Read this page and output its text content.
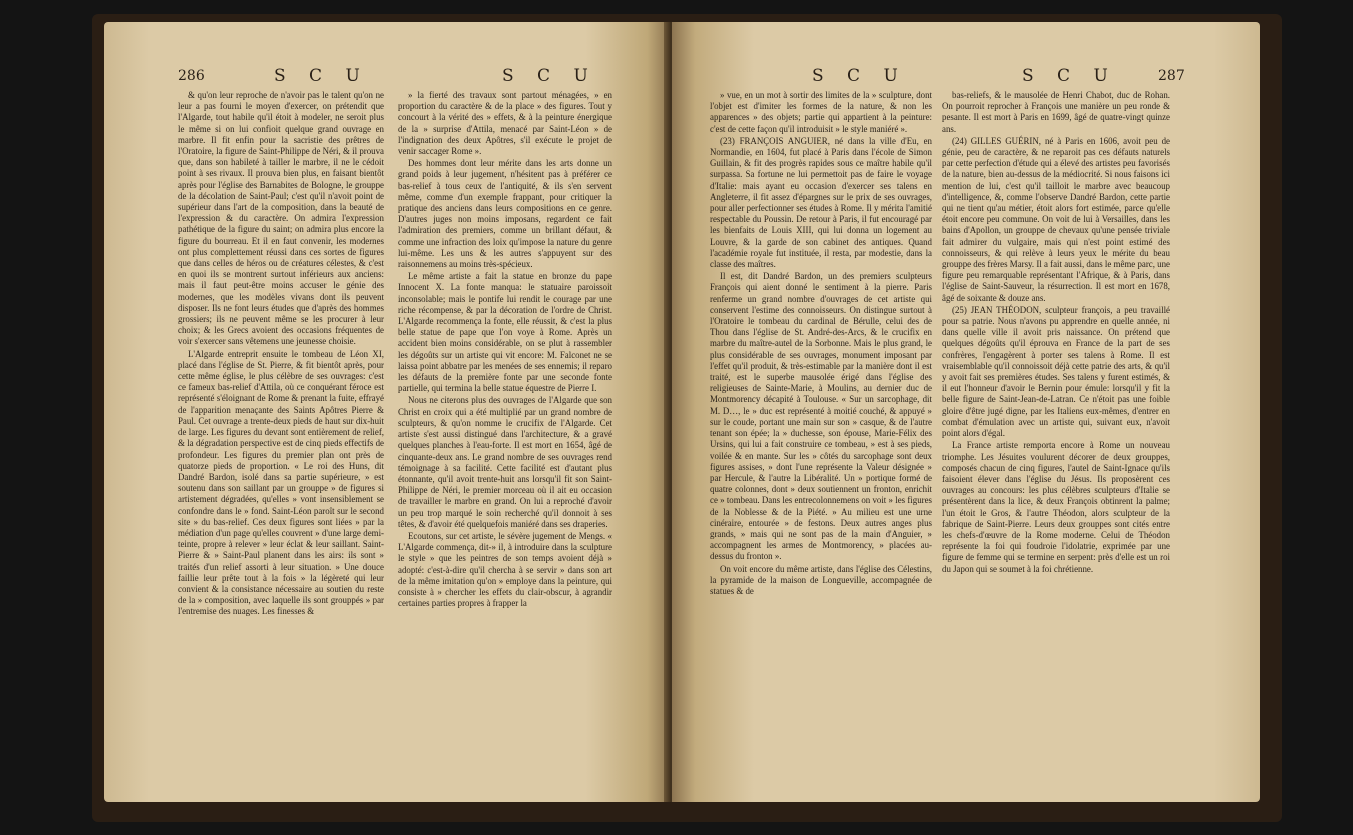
286	S C U	S C U

& qu'on leur reproche de n'avoir pas le talent qu'on ne leur a pas fourni le moyen d'exercer, on prétendit que l'Algarde, tout habile qu'il étoit à modeler, ne seroit plus le même si on lui confioit quelque grand ouvrage en marbre. Il fit enfin pour la sacristie des prêtres de l'Oratoire, la figure de Saint-Philippe de Néri, & il prouva que, dans son habileté à tailler le marbre, il ne le cédoit point à ses rivaux. Il prouva bien plus, en faisant bientôt après pour l'église des Barnabites de Bologne, le grouppe de la décolation de Saint-Paul; c'est qu'il n'avoit point de supérieur dans l'art de la composition, dans la beauté de l'expression & du caractère. On admira l'expression pathétique de la figure du saint; on admira plus encore la figure du bourreau. Et il en faut convenir, les modernes ont plus complettement réussi dans ces sortes de figures que dans celles de héros ou de créatures célestes, & c'est en quoi ils se montrent surtout inférieurs aux anciens: mais il faut peut-être moins accuser le génie des modernes, que les modèles vivans dont ils peuvent disposer. Ils ne font leurs études que d'après des hommes grossiers; ils ne peuvent même se les procurer à leur choix; & les Grecs avoient des occasions fréquentes de voir s'exercer sans vêtemens une jeunesse choisie.

L'Algarde entreprit ensuite le tombeau de Léon XI, placé dans l'église de St. Pierre, & fit bientôt après, pour cette même église, le plus célèbre de ses ouvrages: c'est ce fameux bas-relief d'Attila, où ce conquérant féroce est représenté s'éloignant de Rome & prenant la fuite, effrayé de l'apparition menaçante des Saints Apôtres Pierre & Paul. Cet ouvrage a trente-deux pieds de haut sur dix-huit de large. Les figures du devant sont entièrement de relief, & la dégradation perspective est de cinq pieds effectifs de profondeur. Les figures du premier plan ont près de quatorze pieds de proportion. « Le roi des Huns, dit Dandré Bardon, isolé dans sa partie supérieure, » est soutenu dans son saillant par un grouppe » de figures si artistement dégradées, qu'elles » vont insensiblement se confondre dans le » fond. Saint-Léon paroît sur le second site » du bas-relief. Ces deux figures sont liées » par la médiation d'un page qu'elles couvrent » d'une large demi-teinte, propre à relever » leur éclat & leur saillant. Saint-Pierre & » Saint-Paul planent dans les airs: ils sont » traités d'un relief assorti à leur situation. » Une douce faillie leur prête tout à la fois » la légèreté qui leur convient & la consistance nécessaire au soutien du reste de la » composition, avec laquelle ils sont grouppés » par l'entremise des nuages. Les finesses &

» la fierté des travaux sont partout ménagées, » en proportion du caractère & de la place » des figures. Tout y concourt à la vérité des » effets, & à la peinture énergique de la » surprise d'Attila, menacé par Saint-Léon » de l'indignation des deux Apôtres, s'il exécute le projet de venir saccager Rome ».

Des hommes dont leur mérite dans les arts donne un grand poids à leur jugement, n'hésitent pas à préférer ce bas-relief à tous ceux de l'antiquité, & ils s'en servent même, comme d'un exemple frappant, pour critiquer la pratique des anciens dans leurs compositions en ce genre. D'autres juges non moins imposans, regardent ce fait l'admiration des premiers, comme un brillant défaut, & comme une infraction des loix qu'impose la nature du genre lui-même. Les uns & les autres s'appuyent sur des raisonnemens au moins très-spécieux.

Le même artiste a fait la statue en bronze du pape Innocent X. La fonte manqua: le statuaire paroissoit inconsolable; mais le pontife lui rendit le courage par une riche récompense, & par la décoration de l'ordre de Christ. L'Algarde recommença la fonte, elle réussit, & c'est la plus belle statue de pape que l'on voye à Rome. Après un accident bien moins considérable, on se plut à rassembler les dégoûts sur un artiste qui vit encore: M. Falconet ne se laissa point abbatre par les menées de ses ennemis; il reparo les défauts de la première fonte par une seconde fonte partielle, qui termina la belle statue équestre de Pierre I.

Nous ne citerons plus des ouvrages de l'Algarde que son Christ en croix qui a été multiplié par un grand nombre de sculpteurs, & qu'on nomme le crucifix de l'Algarde. Cet artiste s'est aussi distingué dans l'architecture, & a gravé quelques planches à l'eau-forte. Il est mort en 1654, âgé de cinquante-deux ans. Le grand nombre de ses ouvrages rend témoignage à sa facilité. Cette facilité est d'autant plus étonnante, qu'il avoit trente-huit ans lorsqu'il fit son Saint-Philippe de Néri, le premier morceau où il ait eu occasion de travailler le marbre en grand. On lui a reproché d'avoir un peu trop marqué le soin recherché qu'il donnoit à ses têtes, & d'avoir été quelquefois maniéré dans ses draperies.

Ecoutons, sur cet artiste, le sévère jugement de Mengs. « L'Algarde commença, dit-» il, à introduire dans la sculpture le style » que les peintres de son temps avoient déjà » adopté: c'est-à-dire qu'il chercha à se servir » dans son art de la même imitation qu'on » employe dans la peinture, qui consiste à » chercher les effets du clair-obscur, à agrandir certaines parties propres à frapper la

S C U	S C U	287

» vue, en un mot à sortir des limites de la » sculpture, dont l'objet est d'imiter les formes de la nature, & non les apparences » des objets; partie qui appartient à la peinture: c'est de cette façon qu'il introduisit » le style maniéré ».

(23) FRANÇOIS ANGUIER, né dans la ville d'Eu, en Normandie, en 1604, fut placé à Paris dans l'école de Simon Guillain, & fit des progrès rapides sous ce maître habile qu'il surpassa. Sa fortune ne lui permettoit pas de faire le voyage d'Italie: mais ayant eu occasion d'exercer ses talens en Angleterre, il fit assez d'épargnes sur le prix de ses ouvrages, pour aller perfectionner ses études à Rome. Il y mérita l'amitié respectable du Poussin. De retour à Paris, il fut encouragé par les bienfaits de Louis XIII, qui lui donna un logement au Louvre, & la garde de son cabinet des antiques. Quand l'académie royale fut instituée, il resta, par modestie, dans la classe des maîtres.

Il est, dit Dandré Bardon, un des premiers sculpteurs François qui aient donné le sentiment à la pierre. Paris renferme un grand nombre d'ouvrages de cet artiste qui conservent l'estime des connoisseurs. On distingue surtout à l'Oratoire le tombeau du cardinal de Bérulle, celui des de Thou dans l'église de St. André-des-Arcs, & le crucifix en marbre du maître-autel de la Sorbonne. Mais le plus grand, le plus considérable de ses ouvrages, monument imposant par l'effet qu'il produit, & très-estimable par la manière dont il est traité, est le superbe mausolée érigé dans l'église des religieuses de Sainte-Marie, à Moulins, au dernier duc de Montmorency décapité à Toulouse. « Sur un sarcophage, dit M. D…, le » duc est représenté à moitié couché, & appuyé » sur le coude, portant une main sur son » casque, & de l'autre tenant son épée; la » duchesse, son épouse, Marie-Félix des Ursins, qui lui a fait construire ce tombeau, » est à ses pieds, voilée & en mante. Sur les » côtés du sarcophage sont deux figures assises, » dont l'une représente la Valeur désignée » par Hercule, & l'autre la Libéralité. Un » portique formé de quatre colonnes, dont » deux soutiennent un fronton, enrichit ce » tombeau. Dans les entrecolonnemens on voit » les figures de la Noblesse & de la Piété. » Au milieu est une urne cinéraire, entourée » de festons. Deux autres anges plus grands, » mais qui ne sont pas de la main d'Anguier, » accompagnent les armes de Montmorency, » placées au-dessus du fronton ».

On voit encore du même artiste, dans l'église des Célestins, la pyramide de la maison de Longueville, accompagnée de statues & de

bas-reliefs, & le mausolée de Henri Chabot, duc de Rohan. On pourroit reprocher à François une manière un peu ronde & pesante. Il est mort à Paris en 1699, âgé de quatre-vingt quinze ans.

(24) GILLES GUÉRIN, né à Paris en 1606, avoit peu de génie, peu de caractère, & ne reparoit pas ces défauts naturels par cette perfection d'étude qui a élevé des artistes peu favorisés de la nature, bien au-dessus de la médiocrité. Si nous faisons ici mention de lui, c'est qu'il tailloit le marbre avec beaucoup d'intelligence, &, comme l'observe Dandré Bardon, cette partie qui ne tient qu'au métier, étoit alors fort estimée, parce qu'elle étoit encore peu commune. On voit de lui à Versailles, dans les bains d'Apollon, un grouppe de chevaux qu'une pensée triviale fait admirer du vulgaire, mais qui n'est point estimé des connoisseurs, & qui relève à leurs yeux le mérite du beau grouppe des frères Marsy. Il a fait aussi, dans le même parc, une figure peu remarquable représentant l'Afrique, & à Paris, dans l'église de Saint-Sauveur, la résurrection. Il est mort en 1678, âgé de soixante & douze ans.

(25) JEAN THÉODON, sculpteur françois, a peu travaillé pour sa patrie. Nous n'avons pu apprendre en quelle année, ni dans quelle ville il avoit pris naissance. On prétend que quelques dégoûts qu'il éprouva en France de la part de ses confrères, l'engagèrent à porter ses talens à Rome. Il est vraisemblable qu'il connoissoit déjà cette patrie des arts, & qu'il y avoit fait ses premières études. Ses talens y furent estimés, & il eut l'honneur d'avoir le Bernin pour émule: lorsqu'il y fit la belle figure de Saint-Jean-de-Latran. Ce n'étoit pas une foible gloire d'être jugé digne, par les Italiens eux-mêmes, d'entrer en combat d'émulation avec un artiste qui, suivant eux, n'avoit point alors d'égal.

La France artiste remporta encore à Rome un nouveau triomphe. Les Jésuites voulurent décorer de deux grouppes, composés chacun de cinq figures, l'autel de Saint-Ignace qu'ils faisoient élever dans l'église du Jésus. Ils proposèrent ces ouvrages au concours: les plus célèbres sculpteurs d'Italie se présentèrent dans la lice, & deux François obtinrent la palme; l'un étoit le Gros, & l'autre Théodon, alors sculpteur de la fabrique de Saint-Pierre. Leurs deux grouppes sont cités entre les chefs-d'œuvre de la Rome moderne. Celui de Théodon représente la foi qui foudroie l'idolatrie, exprimée par une figure de femme qui se termine en serpent: près d'elle est un roi du Japon qui se soumet à la foi chrétienne.
